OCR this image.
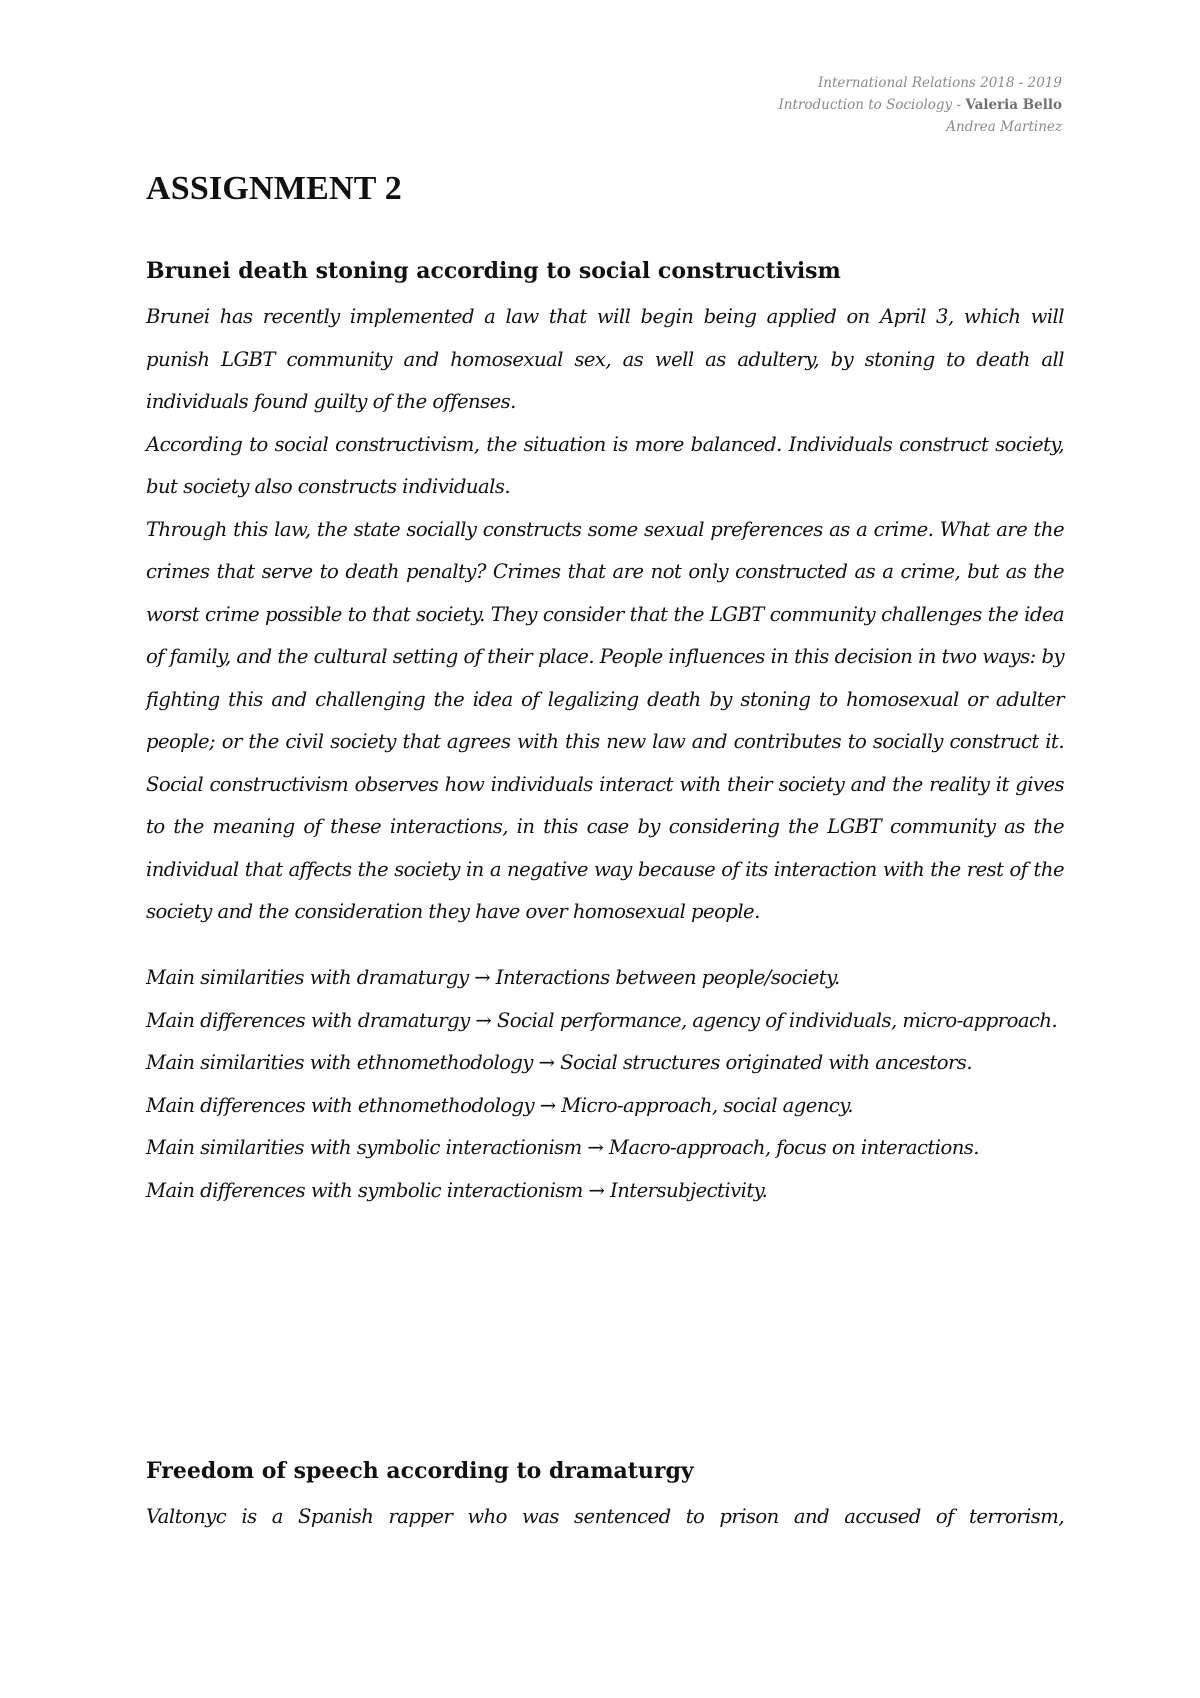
International Relations 2018 - 2019
Introduction to Sociology - Valeria Bello
Andrea Martinez
ASSIGNMENT 2
Brunei death stoning according to social constructivism

Brunei has recently implemented a law that will begin being applied on April 3, which will punish LGBT community and homosexual sex, as well as adultery, by stoning to death all individuals found guilty of the offenses.

According to social constructivism, the situation is more balanced. Individuals construct society, but society also constructs individuals.

Through this law, the state socially constructs some sexual preferences as a crime. What are the crimes that serve to death penalty? Crimes that are not only constructed as a crime, but as the worst crime possible to that society. They consider that the LGBT community challenges the idea of family, and the cultural setting of their place. People influences in this decision in two ways: by fighting this and challenging the idea of legalizing death by stoning to homosexual or adulter people; or the civil society that agrees with this new law and contributes to socially construct it. Social constructivism observes how individuals interact with their society and the reality it gives to the meaning of these interactions, in this case by considering the LGBT community as the individual that affects the society in a negative way because of its interaction with the rest of the society and the consideration they have over homosexual people.

Main similarities with dramaturgy → Interactions between people/society.

Main differences with dramaturgy → Social performance, agency of individuals, micro-approach.

Main similarities with ethnomethodology → Social structures originated with ancestors.

Main differences with ethnomethodology → Micro-approach, social agency.

Main similarities with symbolic interactionism → Macro-approach, focus on interactions.

Main differences with symbolic interactionism → Intersubjectivity.

Freedom of speech according to dramaturgy

Valtonyc is a Spanish rapper who was sentenced to prison and accused of terrorism,
